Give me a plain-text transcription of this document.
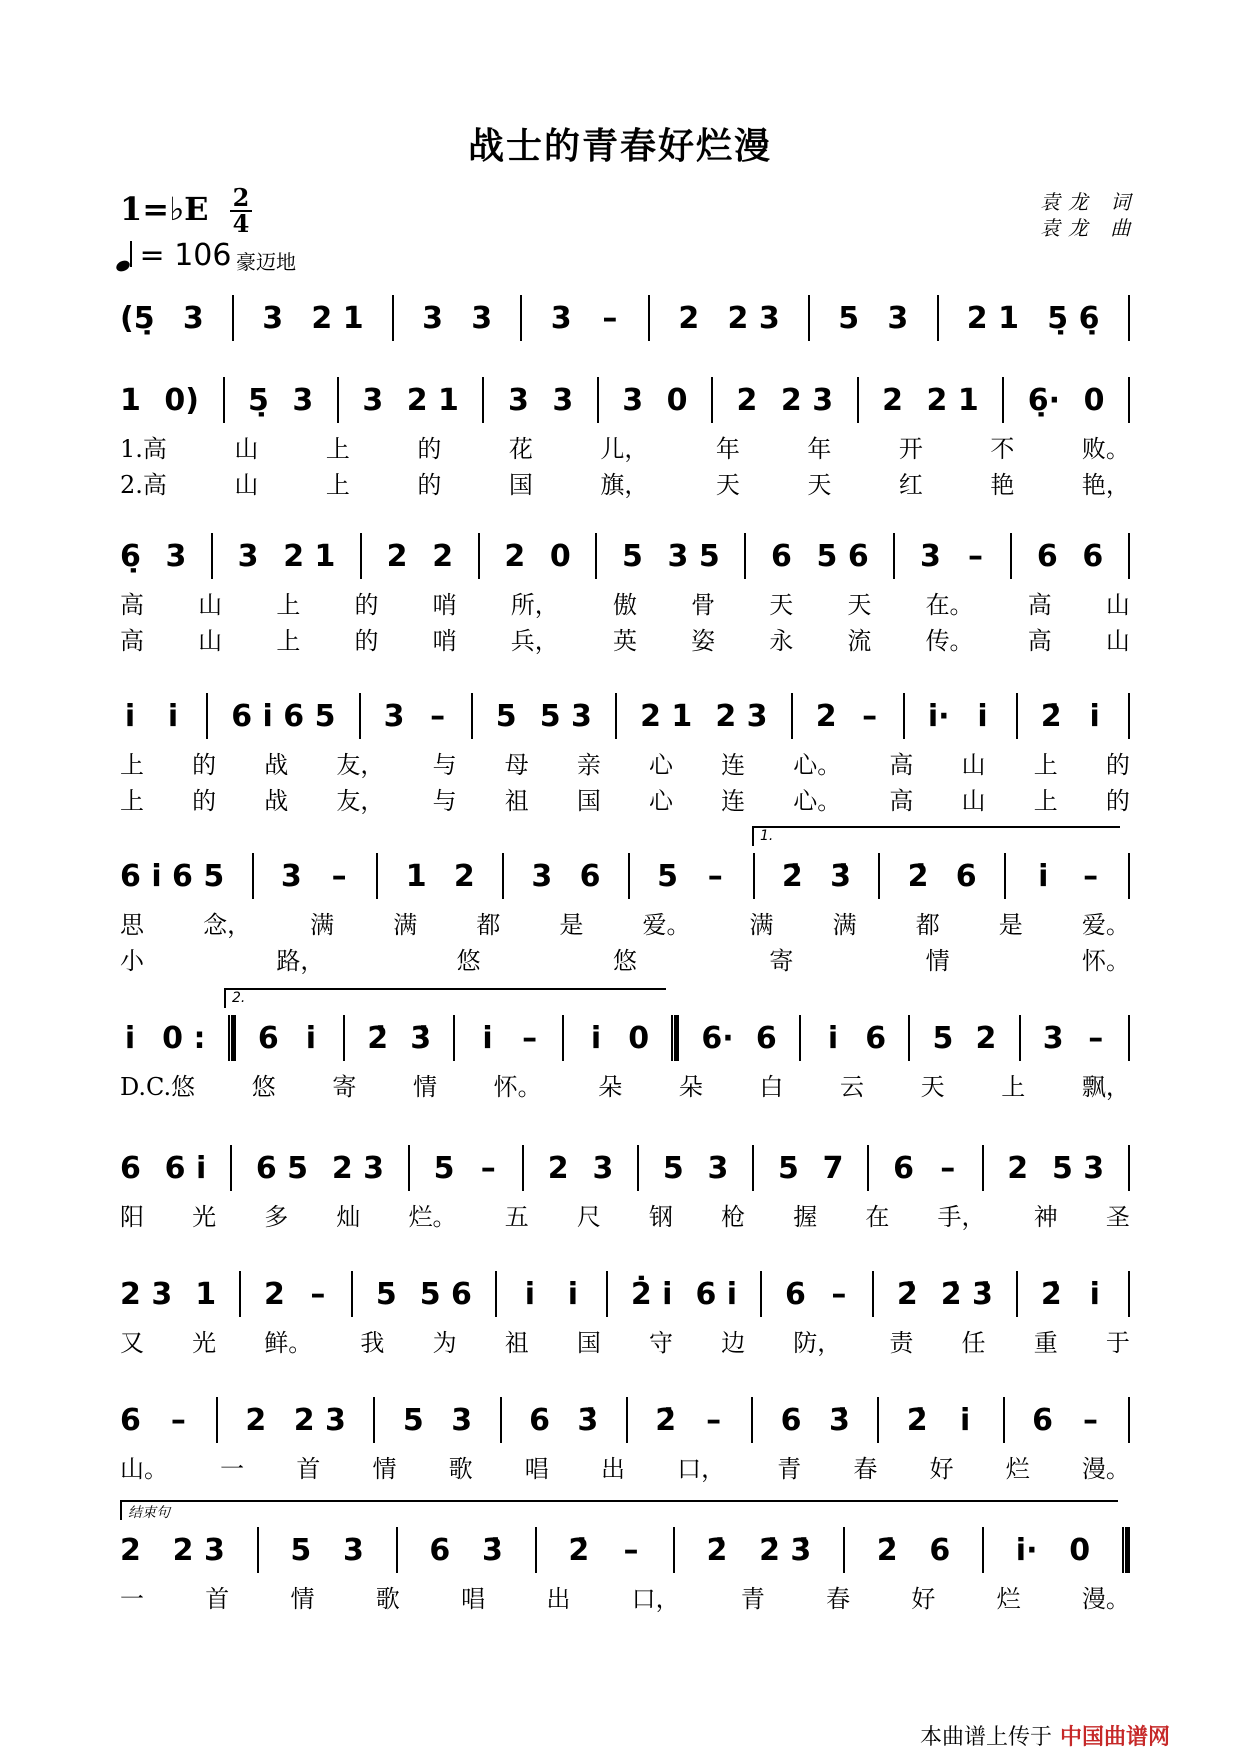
战士的青春好烂漫
1=♭E 2
4
= 106 豪迈地
袁龙 词
袁龙 曲
(5̣ 3 3 2 1 3 3 3 – 2 2 3 5 3 2 1 5̣ 6̣
1 0) 5̣ 3 3 2 1 3 3 3 0 2 2 3 2 2 1 6̣· 0
1.高	山	上	的	花	儿，	年	年	开	不	败。
2.高	山	上	的	国	旗，	天	天	红	艳	艳，
6̣ 3 3 2 1 2 2 2 0 5 3 5 6 5 6 3 – 6 6
高 山 上 的 哨 所， 傲 骨 天 天 在。 高 山
高 山 上 的 哨 兵， 英 姿 永 流 传。 高 山
i i 6 i 6 5 3 – 5 5 3 2 1 2 3 2 – i· i 2̇ i
上 的 战 友， 与 母 亲 心 连 心。 高 山 上 的
上 的 战 友， 与 祖 国 心 连 心。 高 山 上 的
6 i 6 5 3 – 1 2 3 6 5 – 2̇ 3̇ 2̇ 6 i –
思 念， 满 满 都 是 爱。 满 满 都 是 爱。
小	路，	悠	悠	寄	情	怀。
i 0 : 6 i 2̇ 3̇ i – i 0 6· 6 i 6 5 2 3 –
D.C.悠 悠 寄 情 怀。 朵 朵 白 云 天 上 飘，
6 6 i 6 5 2 3 5 – 2 3 5 3 5 7 6 – 2 5 3
阳 光 多 灿 烂。 五 尺 钢 枪 握 在 手， 神 圣
2 3 1 2 – 5 5 6 i i 2̇ i 6 i 6 – 2̇ 2̇ 3̇ 2̇ i
又 光 鲜。 我 为 祖 国 守 边 防， 责 任 重 于
6 – 2 2 3 5 3 6 3̇ 2̇ – 6 3̇ 2̇ i 6 –
山。 一 首 情 歌 唱 出 口， 青 春 好 烂 漫。
2 2 3 5 3 6 3̇ 2̇ – 2̇ 2̇ 3̇ 2̇ 6 i· 0
一	首	情	歌	唱	出	口，	青	春	好	烂	漫。
1.
2.
结束句
本曲谱上传于 中国曲谱网
